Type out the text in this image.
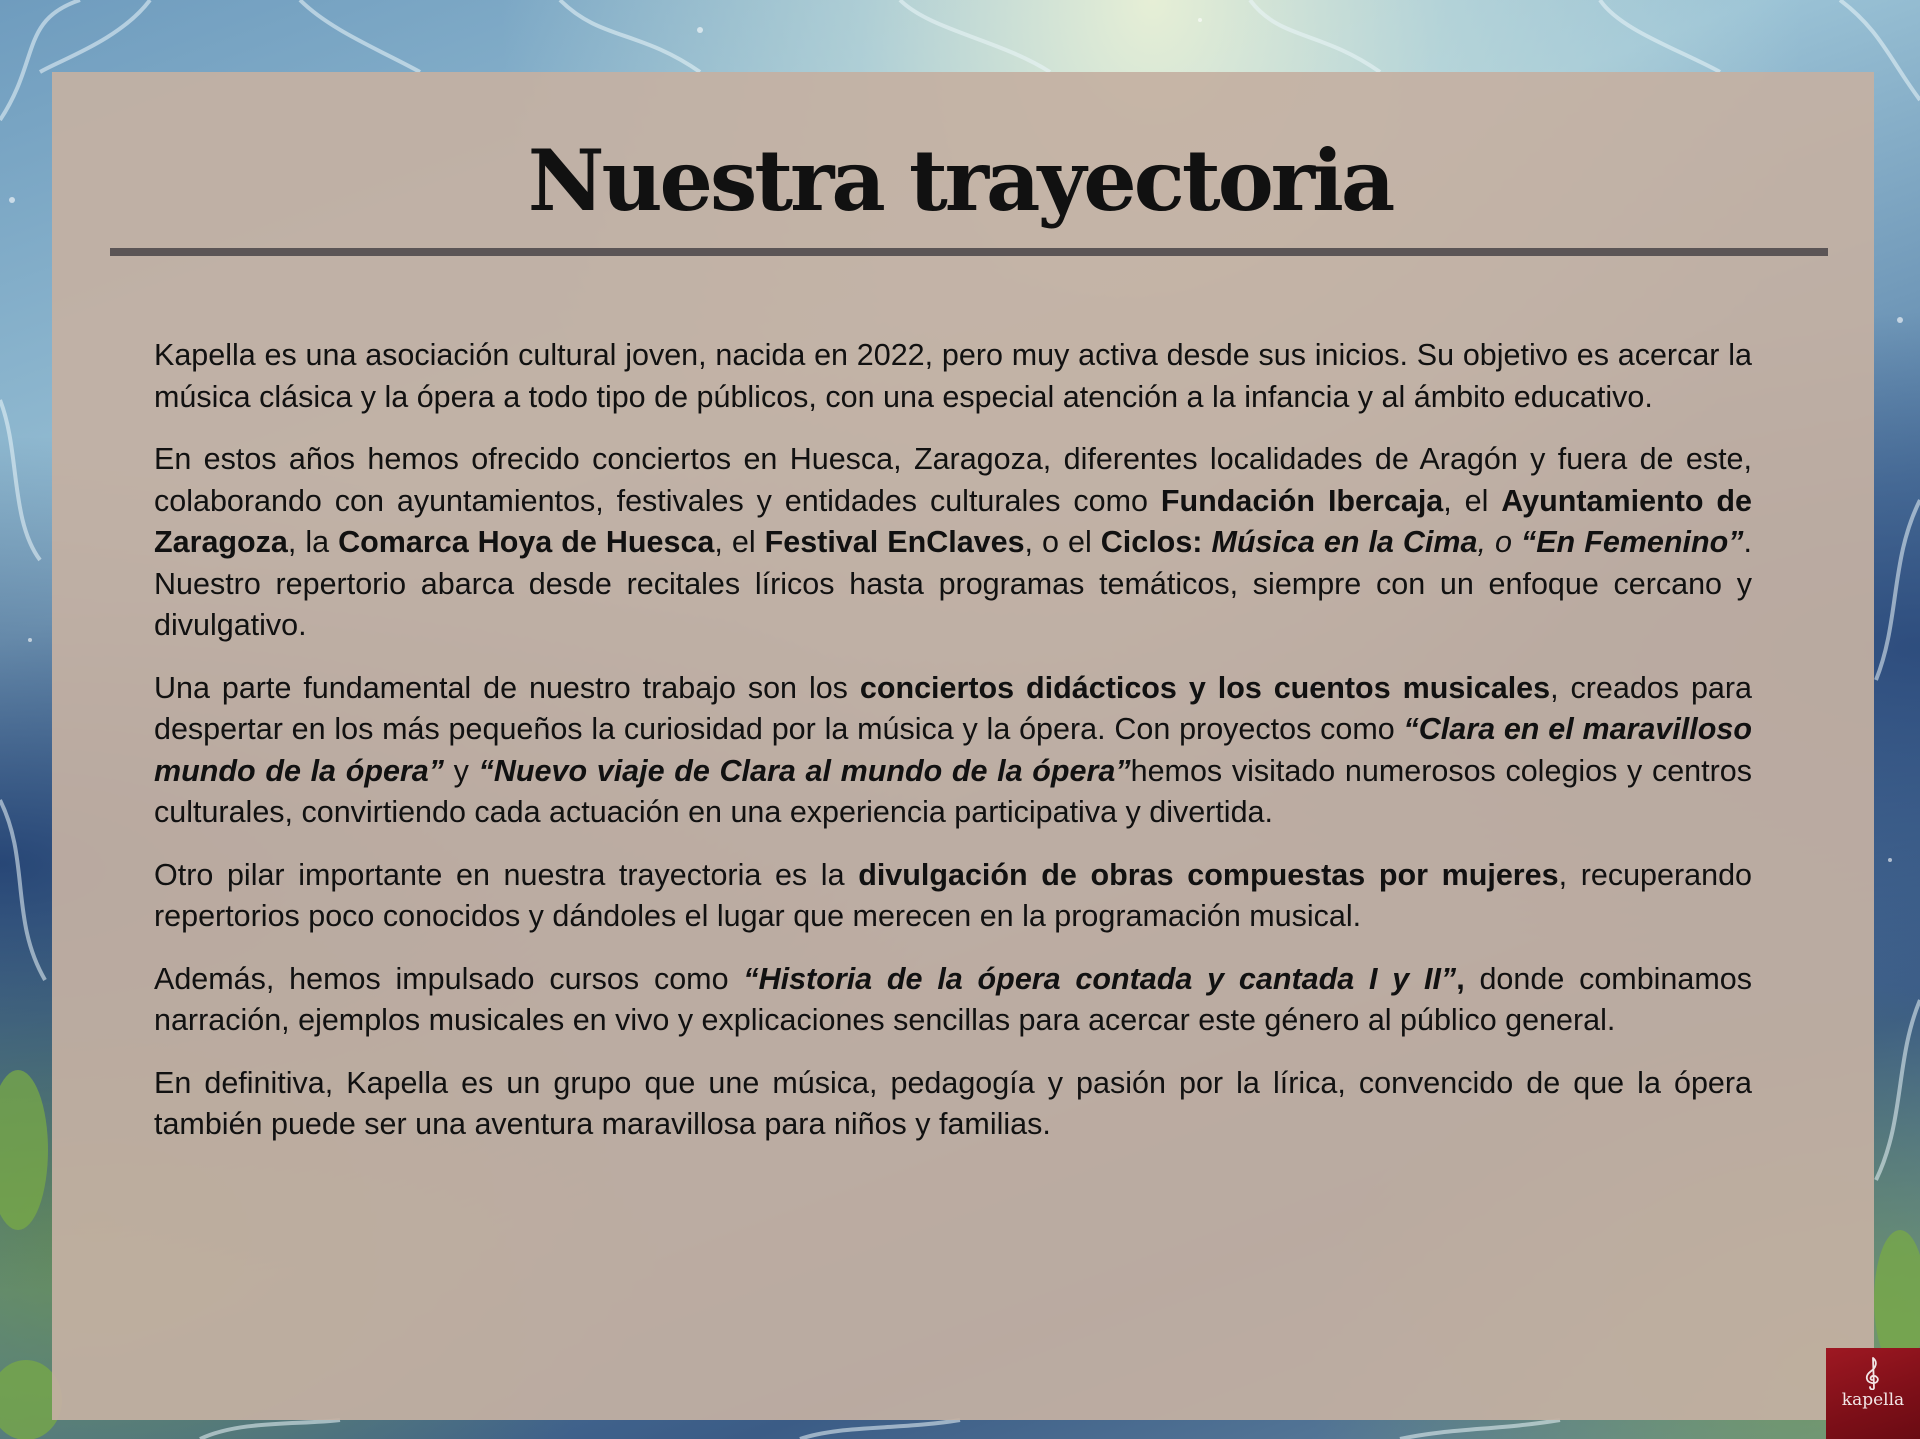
Nuestra trayectoria

Kapella es una asociación cultural joven, nacida en 2022, pero muy activa desde sus inicios. Su objetivo es acercar la música clásica y la ópera a todo tipo de públicos, con una especial atención a la infancia y al ámbito educativo.

En estos años hemos ofrecido conciertos en Huesca, Zaragoza, diferentes localidades de Aragón y fuera de este, colaborando con ayuntamientos, festivales y entidades culturales como Fundación Ibercaja, el Ayuntamiento de Zaragoza, la Comarca Hoya de Huesca, el Festival EnClaves, o el Ciclos: Música en la Cima, o “En Femenino”. Nuestro repertorio abarca desde recitales líricos hasta programas temáticos, siempre con un enfoque cercano y divulgativo.

Una parte fundamental de nuestro trabajo son los conciertos didácticos y los cuentos musicales, creados para despertar en los más pequeños la curiosidad por la música y la ópera. Con proyectos como “Clara en el maravilloso mundo de la ópera” y “Nuevo viaje de Clara al mundo de la ópera”hemos visitado numerosos colegios y centros culturales, convirtiendo cada actuación en una experiencia participativa y divertida.

Otro pilar importante en nuestra trayectoria es la divulgación de obras compuestas por mujeres, recuperando repertorios poco conocidos y dándoles el lugar que merecen en la programación musical.

Además, hemos impulsado cursos como “Historia de la ópera contada y cantada I y II”, donde combinamos narración, ejemplos musicales en vivo y explicaciones sencillas para acercar este género al público general.

En definitiva, Kapella es un grupo que une música, pedagogía y pasión por la lírica, convencido de que la ópera también puede ser una aventura maravillosa para niños y familias.

kapella
